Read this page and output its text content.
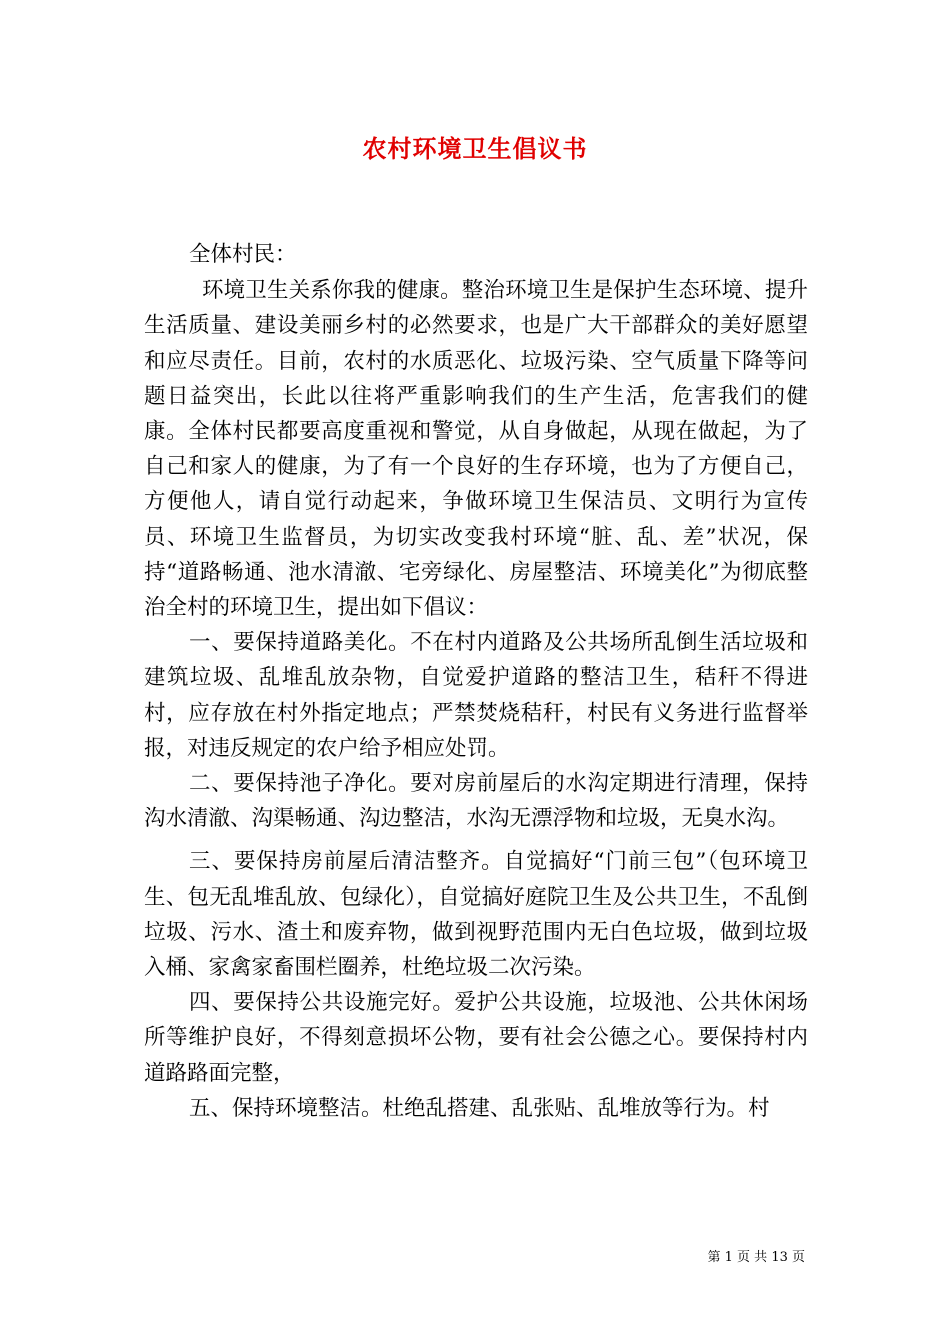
农村环境卫生倡议书

全体村民：

环境卫生关系你我的健康。整治环境卫生是保护生态环境、提升生活质量、建设美丽乡村的必然要求，也是广大干部群众的美好愿望和应尽责任。目前，农村的水质恶化、垃圾污染、空气质量下降等问题日益突出，长此以往将严重影响我们的生产生活，危害我们的健康。全体村民都要高度重视和警觉，从自身做起，从现在做起，为了自己和家人的健康，为了有一个良好的生存环境，也为了方便自己，方便他人，请自觉行动起来，争做环境卫生保洁员、文明行为宣传员、环境卫生监督员，为切实改变我村环境“脏、乱、差”状况，保持“道路畅通、池水清澈、宅旁绿化、房屋整洁、环境美化”为彻底整治全村的环境卫生，提出如下倡议：

一、要保持道路美化。不在村内道路及公共场所乱倒生活垃圾和建筑垃圾、乱堆乱放杂物，自觉爱护道路的整洁卫生，秸秆不得进村，应存放在村外指定地点；严禁焚烧秸秆，村民有义务进行监督举报，对违反规定的农户给予相应处罚。

二、要保持池子净化。要对房前屋后的水沟定期进行清理，保持沟水清澈、沟渠畅通、沟边整洁，水沟无漂浮物和垃圾，无臭水沟。

三、要保持房前屋后清洁整齐。自觉搞好“门前三包”（包环境卫生、包无乱堆乱放、包绿化），自觉搞好庭院卫生及公共卫生，不乱倒垃圾、污水、渣土和废弃物，做到视野范围内无白色垃圾，做到垃圾入桶、家禽家畜围栏圈养，杜绝垃圾二次污染。

四、要保持公共设施完好。爱护公共设施，垃圾池、公共休闲场所等维护良好，不得刻意损坏公物，要有社会公德之心。要保持村内道路路面完整，

五、保持环境整洁。杜绝乱搭建、乱张贴、乱堆放等行为。村

第 1 页 共 13 页
